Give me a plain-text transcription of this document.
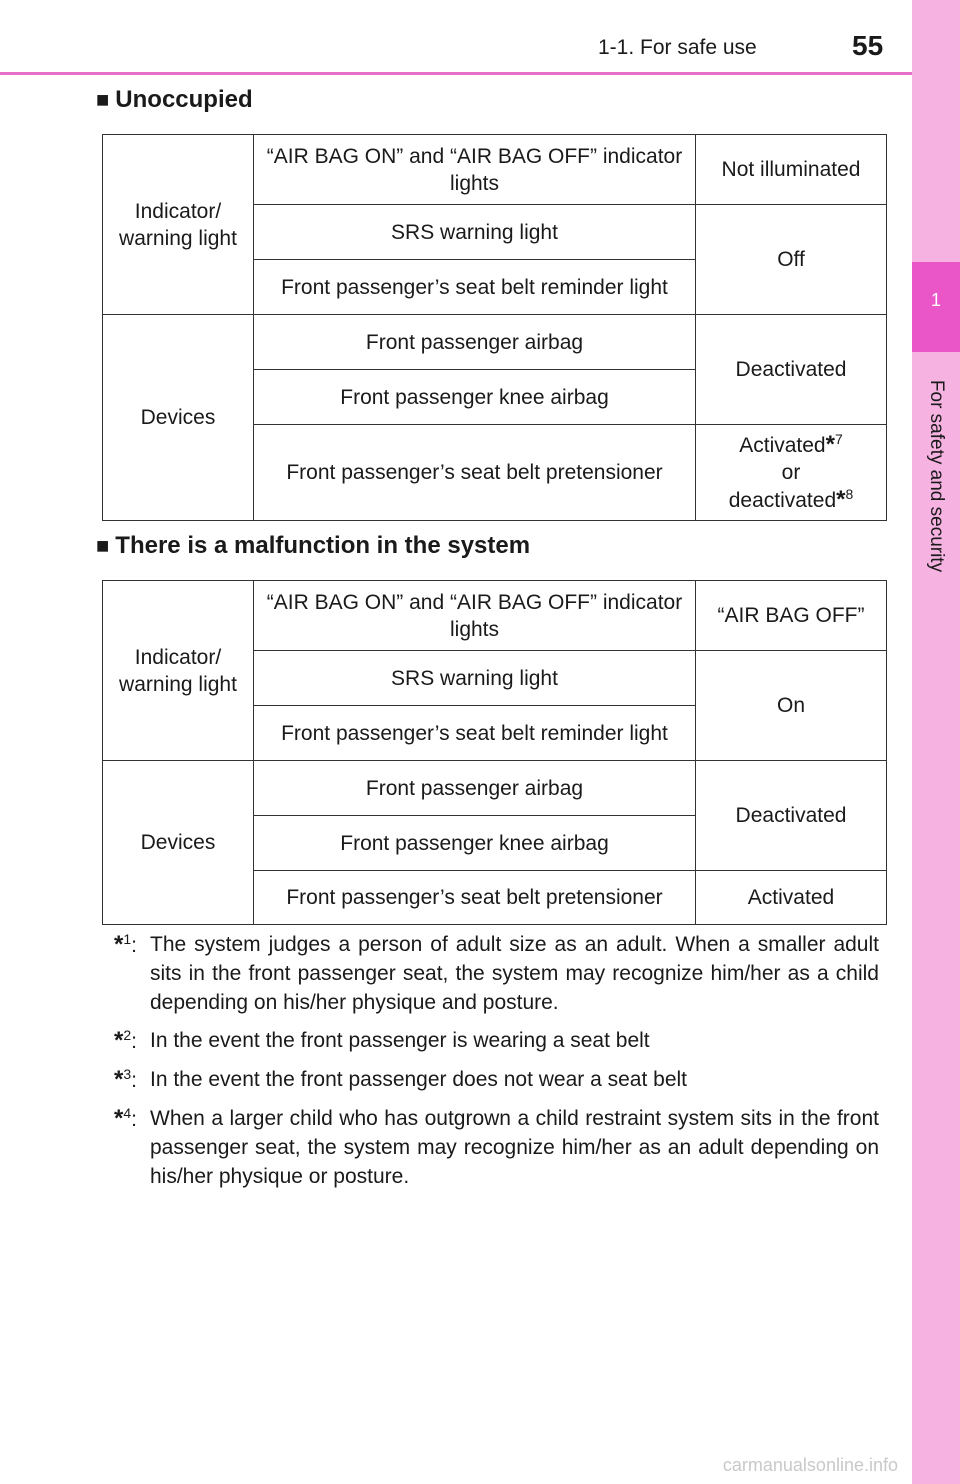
1-1. For safe use	55
1
For safety and security
■ Unoccupied
Indicator/ warning light	“AIR BAG ON” and “AIR BAG OFF” indicator lights	Not illuminated
	SRS warning light	Off
	Front passenger’s seat belt reminder light	
Devices	Front passenger airbag	Deactivated
	Front passenger knee airbag	
	Front passenger’s seat belt pretensioner	Activated*$^7$
or
deactivated*$^8$
■ There is a malfunction in the system
Indicator/ warning light	“AIR BAG ON” and “AIR BAG OFF” indicator lights	“AIR BAG OFF”
	SRS warning light	On
	Front passenger’s seat belt reminder light	
Devices	Front passenger airbag	Deactivated
	Front passenger knee airbag	
	Front passenger’s seat belt pretensioner	Activated
*$^1$: The system judges a person of adult size as an adult. When a smaller adult sits in the front passenger seat, the system may recognize him/her as a child depending on his/her physique and posture.
*$^2$: In the event the front passenger is wearing a seat belt
*$^3$: In the event the front passenger does not wear a seat belt
*$^4$: When a larger child who has outgrown a child restraint system sits in the front passenger seat, the system may recognize him/her as an adult depending on his/her physique or posture.
carmanualsonline.info
